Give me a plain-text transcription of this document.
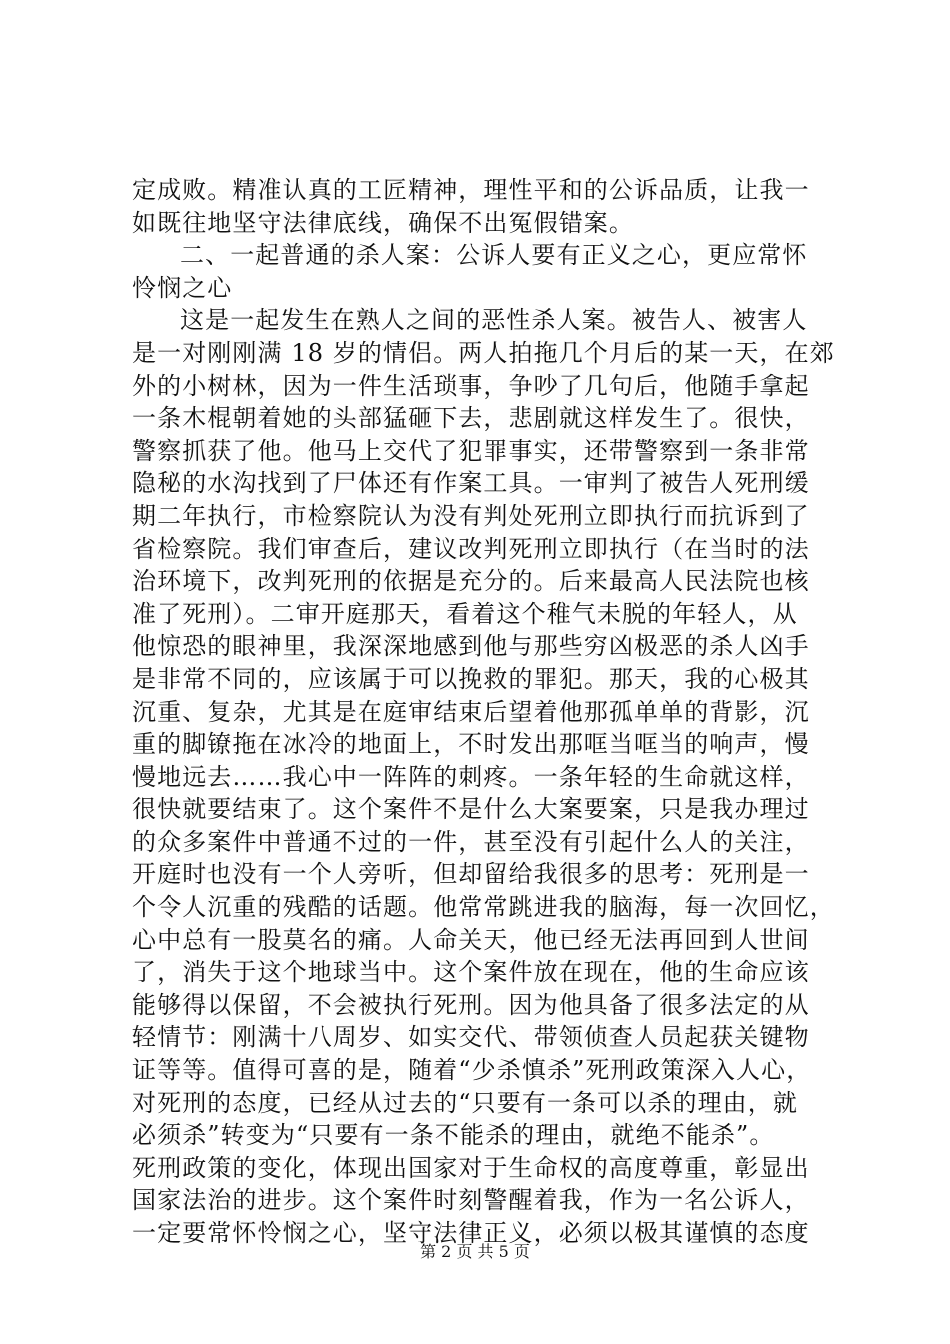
定成败。精准认真的工匠精神，理性平和的公诉品质，让我一
如既往地坚守法律底线，确保不出冤假错案。
二、一起普通的杀人案：公诉人要有正义之心，更应常怀
怜悯之心
这是一起发生在熟人之间的恶性杀人案。被告人、被害人
是一对刚刚满 18 岁的情侣。两人拍拖几个月后的某一天，在郊
外的小树林，因为一件生活琐事，争吵了几句后，他随手拿起
一条木棍朝着她的头部猛砸下去，悲剧就这样发生了。很快，
警察抓获了他。他马上交代了犯罪事实，还带警察到一条非常
隐秘的水沟找到了尸体还有作案工具。一审判了被告人死刑缓
期二年执行，市检察院认为没有判处死刑立即执行而抗诉到了
省检察院。我们审查后，建议改判死刑立即执行（在当时的法
治环境下，改判死刑的依据是充分的。后来最高人民法院也核
准了死刑）。二审开庭那天，看着这个稚气未脱的年轻人，从
他惊恐的眼神里，我深深地感到他与那些穷凶极恶的杀人凶手
是非常不同的，应该属于可以挽救的罪犯。那天，我的心极其
沉重、复杂，尤其是在庭审结束后望着他那孤单单的背影，沉
重的脚镣拖在冰冷的地面上，不时发出那哐当哐当的响声，慢
慢地远去……我心中一阵阵的刺疼。一条年轻的生命就这样，
很快就要结束了。这个案件不是什么大案要案，只是我办理过
的众多案件中普通不过的一件，甚至没有引起什么人的关注，
开庭时也没有一个人旁听，但却留给我很多的思考：死刑是一
个令人沉重的残酷的话题。他常常跳进我的脑海，每一次回忆，
心中总有一股莫名的痛。人命关天，他已经无法再回到人世间
了，消失于这个地球当中。这个案件放在现在，他的生命应该
能够得以保留，不会被执行死刑。因为他具备了很多法定的从
轻情节：刚满十八周岁、如实交代、带领侦查人员起获关键物
证等等。值得可喜的是，随着“少杀慎杀”死刑政策深入人心，
对死刑的态度，已经从过去的“只要有一条可以杀的理由，就
必须杀”转变为“只要有一条不能杀的理由，就绝不能杀”。
死刑政策的变化，体现出国家对于生命权的高度尊重，彰显出
国家法治的进步。这个案件时刻警醒着我，作为一名公诉人，
一定要常怀怜悯之心，坚守法律正义，必须以极其谨慎的态度
第 2 页 共 5 页
